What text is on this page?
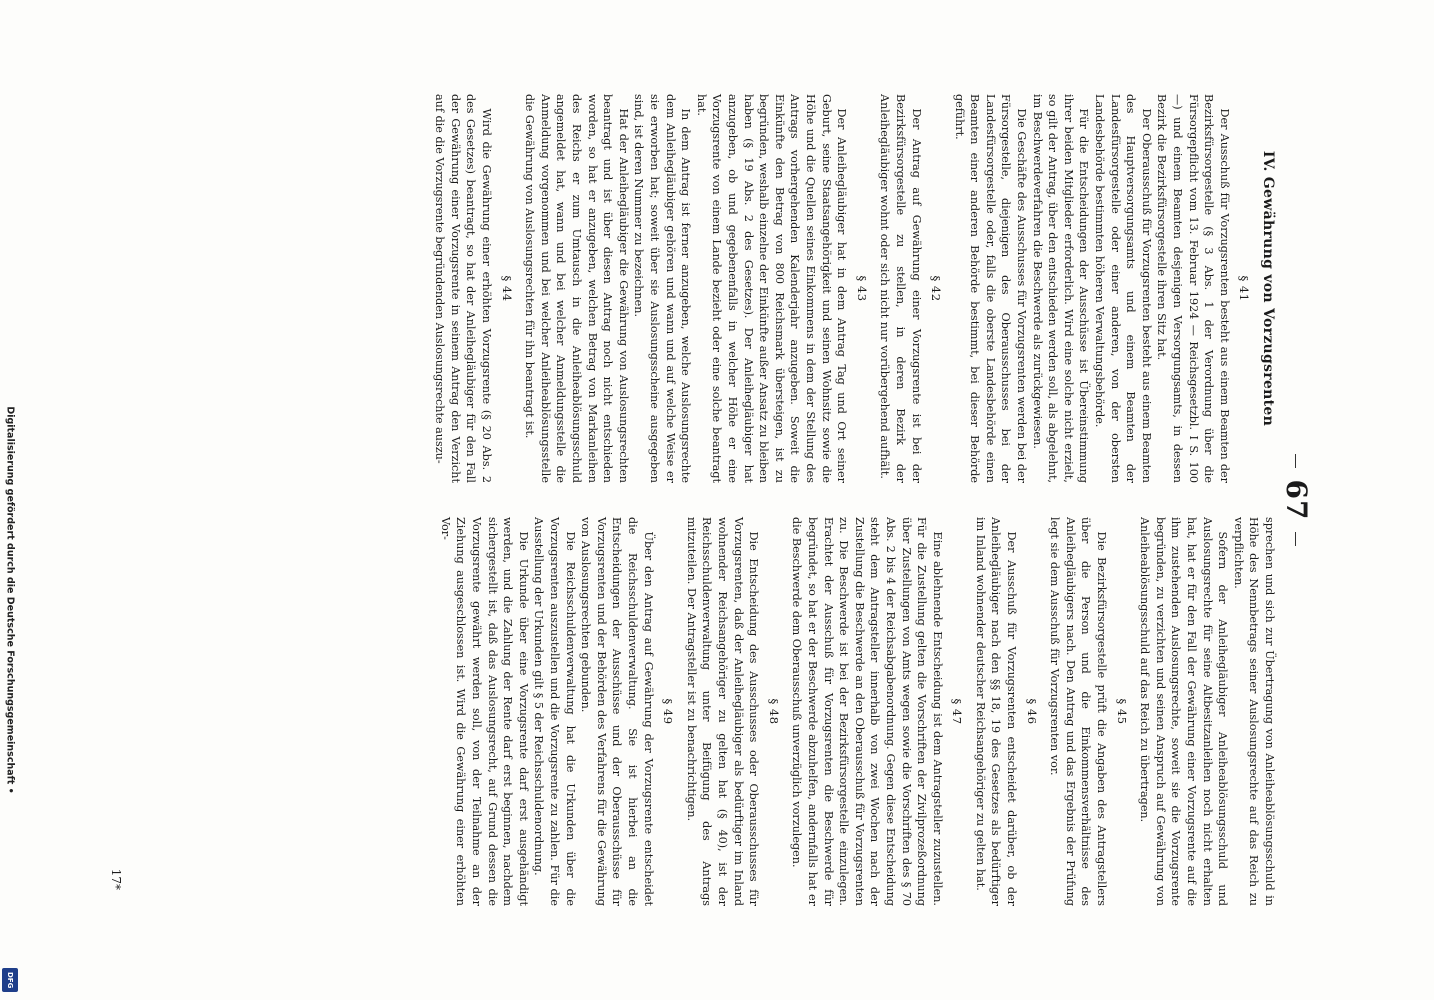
Digitalisierung gefördert durch die Deutsche Forschungsgemeinschaft •
DFG
67
IV. Gewährung von Vorzugsrenten
§ 41

Der Ausschuß für Vorzugsrenten besteht aus einem Beamten der Bezirksfürsorgestelle (§ 3 Abs. 1 der Verordnung über die Fürsorgepflicht vom 13. Februar 1924 — Reichsgesetzbl. I S. 100 —) und einem Beamten desjenigen Versorgungsamts, in dessen Bezirk die Bezirksfürsorgestelle ihren Sitz hat.

Der Oberausschuß für Vorzugsrenten besteht aus einem Beamten des Hauptversorgungsamts und einem Beamten der Landesfürsorgestelle oder einer anderen, von der obersten Landesbehörde bestimmten höheren Verwaltungsbehörde.

Für die Entscheidungen der Ausschüsse ist Übereinstimmung ihrer beiden Mitglieder erforderlich. Wird eine solche nicht erzielt, so gilt der Antrag, über den entschieden werden soll, als abgelehnt, im Beschwerdeverfahren die Beschwerde als zurückgewiesen.

Die Geschäfte des Ausschusses für Vorzugsrenten werden bei der Fürsorgestelle, diejenigen des Oberausschusses bei der Landesfürsorgestelle oder, falls die oberste Landesbehörde einen Beamten einer anderen Behörde bestimmt, bei dieser Behörde geführt.

§ 42

Der Antrag auf Gewährung einer Vorzugsrente ist bei der Bezirksfürsorgestelle zu stellen, in deren Bezirk der Anleihegläubiger wohnt oder sich nicht nur vorübergehend aufhält.

§ 43

Der Anleihegläubiger hat in dem Antrag Tag und Ort seiner Geburt, seine Staatsangehörigkeit und seinen Wohnsitz sowie die Höhe und die Quellen seines Einkommens in dem der Stellung des Antrags vorhergehenden Kalenderjahr anzugeben. Soweit die Einkünfte den Betrag von 800 Reichsmark übersteigen, ist zu begründen, weshalb einzelne der Einkünfte außer Ansatz zu bleiben haben (§ 19 Abs. 2 des Gesetzes). Der Anleihegläubiger hat anzugeben, ob und gegebenenfalls in welcher Höhe er eine Vorzugsrente von einem Lande bezieht oder eine solche beantragt hat.

In dem Antrag ist ferner anzugeben, welche Auslosungsrechte dem Anleihegläubiger gehören und wann und auf welche Weise er sie erworben hat; soweit über sie Auslosungsscheine ausgegeben sind, ist deren Nummer zu bezeichnen.

Hat der Anleihegläubiger die Gewährung von Auslosungsrechten beantragt und ist über diesen Antrag noch nicht entschieden worden, so hat er anzugeben, welchen Betrag von Markanleihen des Reichs er zum Umtausch in die Anleiheablösungsschuld angemeldet hat, wann und bei welcher Anmeldungsstelle die Anmeldung vorgenommen und bei welcher Anleiheablösungsstelle die Gewährung von Auslosungsrechten für ihn beantragt ist.

§ 44

Wird die Gewährung einer erhöhten Vorzugsrente (§ 20 Abs. 2 des Gesetzes) beantragt, so hat der Anleihegläubiger für den Fall der Gewährung einer Vorzugsrente in seinem Antrag den Verzicht auf die die Vorzugsrente begründenden Auslosungsrechte auszu-

sprechen und sich zur Übertragung von Anleiheablösungsschuld in Höhe des Nennbetrags seiner Auslosungsrechte auf das Reich zu verpflichten.

Sofern der Anleihegläubiger Anleiheablösungsschuld und Auslosungsrechte für seine Altbesitzanleihen noch nicht erhalten hat, hat er für den Fall der Gewährung einer Vorzugsrente auf die ihm zustehenden Auslosungsrechte, soweit sie die Vorzugsrente begründen, zu verzichten und seinen Anspruch auf Gewährung von Anleiheablösungsschuld auf das Reich zu übertragen.

§ 45

Die Bezirksfürsorgestelle prüft die Angaben des Antragstellers über die Person und die Einkommensverhältnisse des Anleihegläubigers nach. Den Antrag und das Ergebnis der Prüfung legt sie dem Ausschuß für Vorzugsrenten vor.

§ 46

Der Ausschuß für Vorzugsrenten entscheidet darüber, ob der Anleihegläubiger nach den §§ 18, 19 des Gesetzes als bedürftiger im Inland wohnender deutscher Reichsangehöriger zu gelten hat.

§ 47

Eine ablehnende Entscheidung ist dem Antragsteller zuzustellen. Für die Zustellung gelten die Vorschriften der Zivilprozeßordnung über Zustellungen von Amts wegen sowie die Vorschriften des § 70 Abs. 2 bis 4 der Reichsabgabenordnung. Gegen diese Entscheidung steht dem Antragsteller innerhalb von zwei Wochen nach der Zustellung die Beschwerde an den Oberausschuß für Vorzugsrenten zu. Die Beschwerde ist bei der Bezirksfürsorgestelle einzulegen. Erachtet der Ausschuß für Vorzugsrenten die Beschwerde für begründet, so hat er der Beschwerde abzuhelfen, andernfalls hat er die Beschwerde dem Oberausschuß unverzüglich vorzulegen.

§ 48

Die Entscheidung des Ausschusses oder Oberausschusses für Vorzugsrenten, daß der Anleihegläubiger als bedürftiger im Inland wohnender Reichsangehöriger zu gelten hat (§ 40), ist der Reichsschuldenverwaltung unter Beifügung des Antrags mitzuteilen. Der Antragsteller ist zu benachrichtigen.

§ 49

Über den Antrag auf Gewährung der Vorzugsrente entscheidet die Reichsschuldenverwaltung. Sie ist hierbei an die Entscheidungen der Ausschüsse und der Oberausschüsse für Vorzugsrenten und der Behörden des Verfahrens für die Gewährung von Auslosungsrechten gebunden.

Die Reichsschuldenverwaltung hat die Urkunden über die Vorzugsrenten auszustellen und die Vorzugsrente zu zahlen. Für die Ausstellung der Urkunden gilt § 5 der Reichsschuldenordnung.

Die Urkunde über eine Vorzugsrente darf erst ausgehändigt werden, und die Zahlung der Rente darf erst beginnen, nachdem sichergestellt ist, daß das Auslosungsrecht, auf Grund dessen die Vorzugsrente gewährt werden soll, von der Teilnahme an der Ziehung ausgeschlossen ist. Wird die Gewährung einer erhöhten Vor-

17*
